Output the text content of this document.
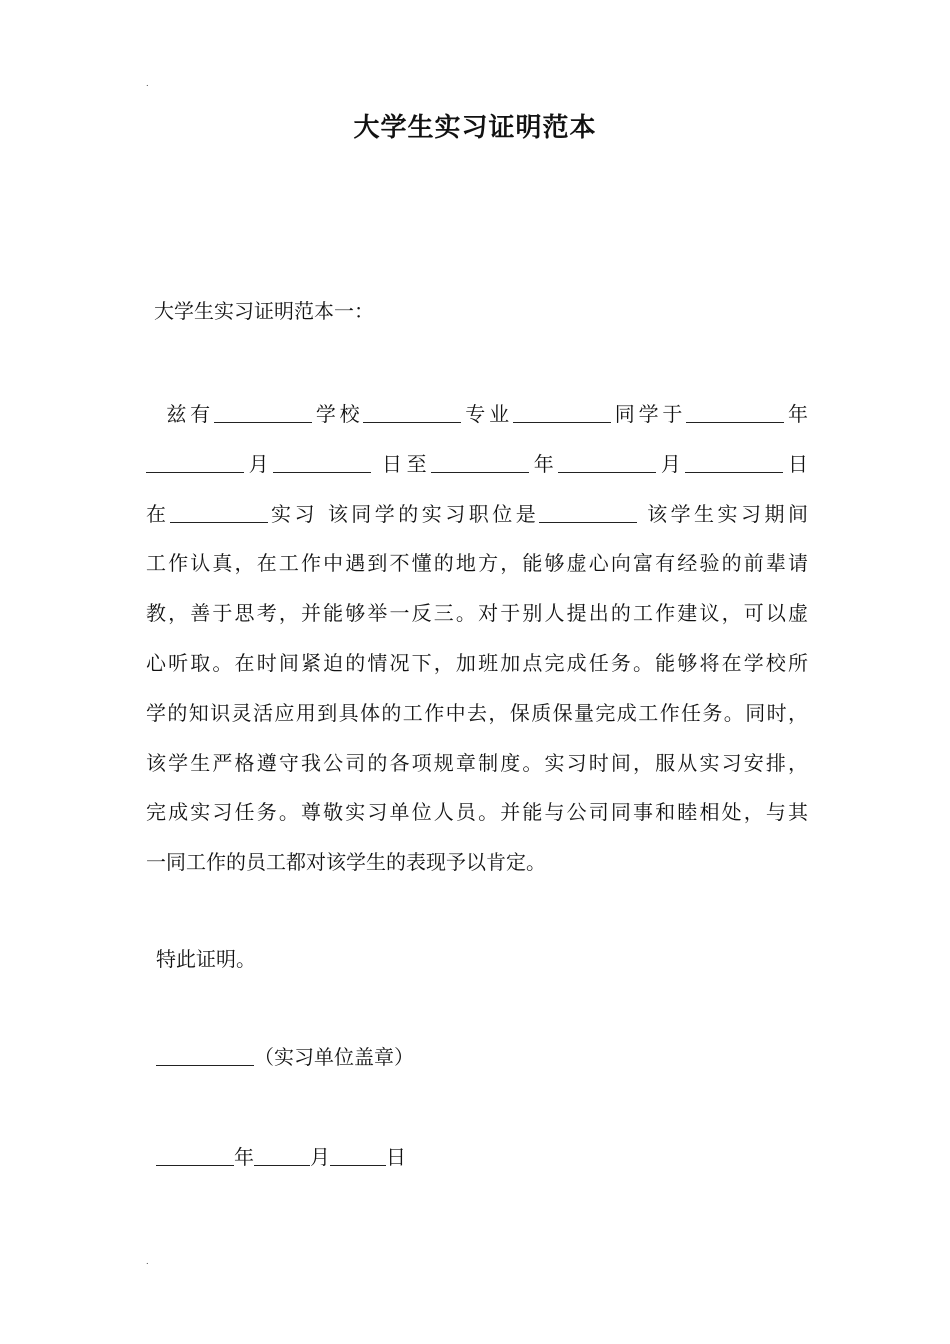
.
大学生实习证明范本
大学生实习证明范本一：
兹有	学校	专业	同学于	年
月	日至	年	月	日
在	实习 该同学的实习职位是	该学生实习期间
工作认真，在工作中遇到不懂的地方，能够虚心向富有经验的前辈请
教，善于思考，并能够举一反三。对于别人提出的工作建议，可以虚
心听取。在时间紧迫的情况下，加班加点完成任务。能够将在学校所
学的知识灵活应用到具体的工作中去，保质保量完成工作任务。同时，
该学生严格遵守我公司的各项规章制度。实习时间，服从实习安排，
完成实习任务。尊敬实习单位人员。并能与公司同事和睦相处，与其
一同工作的员工都对该学生的表现予以肯定。
特此证明。
（实习单位盖章）
年	月	日
.
